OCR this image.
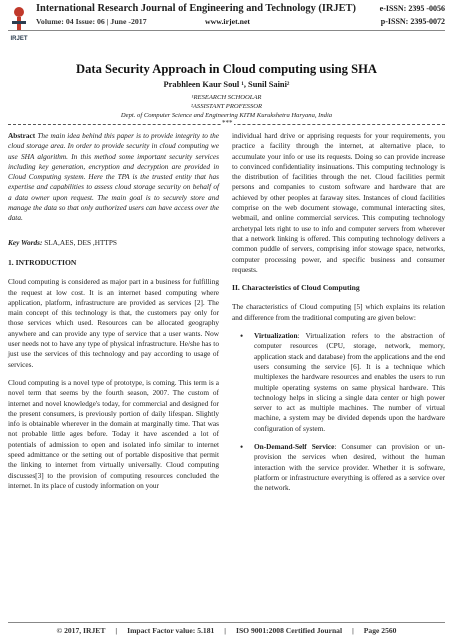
IRJET
International Research Journal of Engineering and Technology (IRJET)
Volume: 04 Issue: 06 | June -2017	www.irjet.net
e-ISSN: 2395 -0056
p-ISSN: 2395-0072
Data Security Approach in Cloud computing using SHA
Prabhleen Kaur Soul ¹, Sunil Saini²
¹RESEARCH SCHOOLAR
²ASSISTANT PROFESSOR
Dept. of Computer Science and Engineering KITM Kurukshetra Haryana, India
***

Abstract The main idea behind this paper is to provide integrity to the cloud storage area. In order to provide security in cloud computing we use SHA algorithm. In this method some important security services including key generation, encryption and decryption are provided in Cloud Computing system. Here the TPA is the trusted entity that has expertise and capabilities to assess cloud storage security on behalf of a data owner upon request. The main goal is to securely store and manage the data so that only authorized users can have access over the data.

Key Words: SLA,AES, DES ,HTTPS

1. INTRODUCTION

Cloud computing is considered as major part in a business for fulfilling the request at low cost. It is an internet based computing where application, platform, infrastructure are provided as services [2]. The main concept of this technology is that, the customers pay only for those services which used. Resources can be allocated geography anywhere and can provide any type of service that a user wants. Now user needs not to have any type of physical infrastructure. He/she has to just use the services of this technology and pay according to usage of services.

Cloud computing is a novel type of prototype, is coming. This term is a novel term that seems by the fourth season, 2007. The custom of internet and novel knowledge's today, for commercial and designed for the present consumers, is previously portion of daily lifespan. Slightly info is obtainable wherever in the domain at marginally time. That was not probable little ages before. Today it have ascended a lot of potentials of admission to open and isolated info similar to internet speed admittance or the setting out of portable dispositive that permit the linking to internet from virtually universally. Cloud computing discusses[3] to the provision of computing resources concluded the internet. In its place of custody information on your

individual hard drive or apprising requests for your requirements, you practice a facility through the internet, at alternative place, to accumulate your info or use its requests. Doing so can provide increase to convinced confidentiality insinuations. This computing technology is the distribution of facilities through the net. Cloud facilities permit persons and companies to custom software and hardware that are achieved by other peoples at faraway sites. Instances of cloud facilities comprise on the web document stowage, communal interacting sites, webmail, and online commercial services. This computing technology archetypal lets right to use to info and computer servers from wherever that a network linking is offered. This computing technology delivers a common puddle of servers, comprising infor stowage space, networks, computer processing power, and specific business and consumer requests.

II. Characteristics of Cloud Computing

The characteristics of Cloud computing [5] which explains its relation and difference from the traditional computing are given below:

• Virtualization: Virtualization refers to the abstraction of computer resources (CPU, storage, network, memory, application stack and database) from the applications and the end users consuming the service [6]. It is a technique which multiplexes the hardware resources and enables the users to run multiple operating systems on same physical hardware. This technology helps in slicing a single data center or high power server to act as multiple machines. The number of virtual machine, a system may be divided depends upon the hardware configuration of system.
• On-Demand-Self Service: Consumer can provision or un-provision the services when desired, without the human interaction with the service provider. Whether it is software, platform or infrastructure everything is offered as a service over the network.
© 2017, IRJET | Impact Factor value: 5.181 | ISO 9001:2008 Certified Journal | Page 2560
